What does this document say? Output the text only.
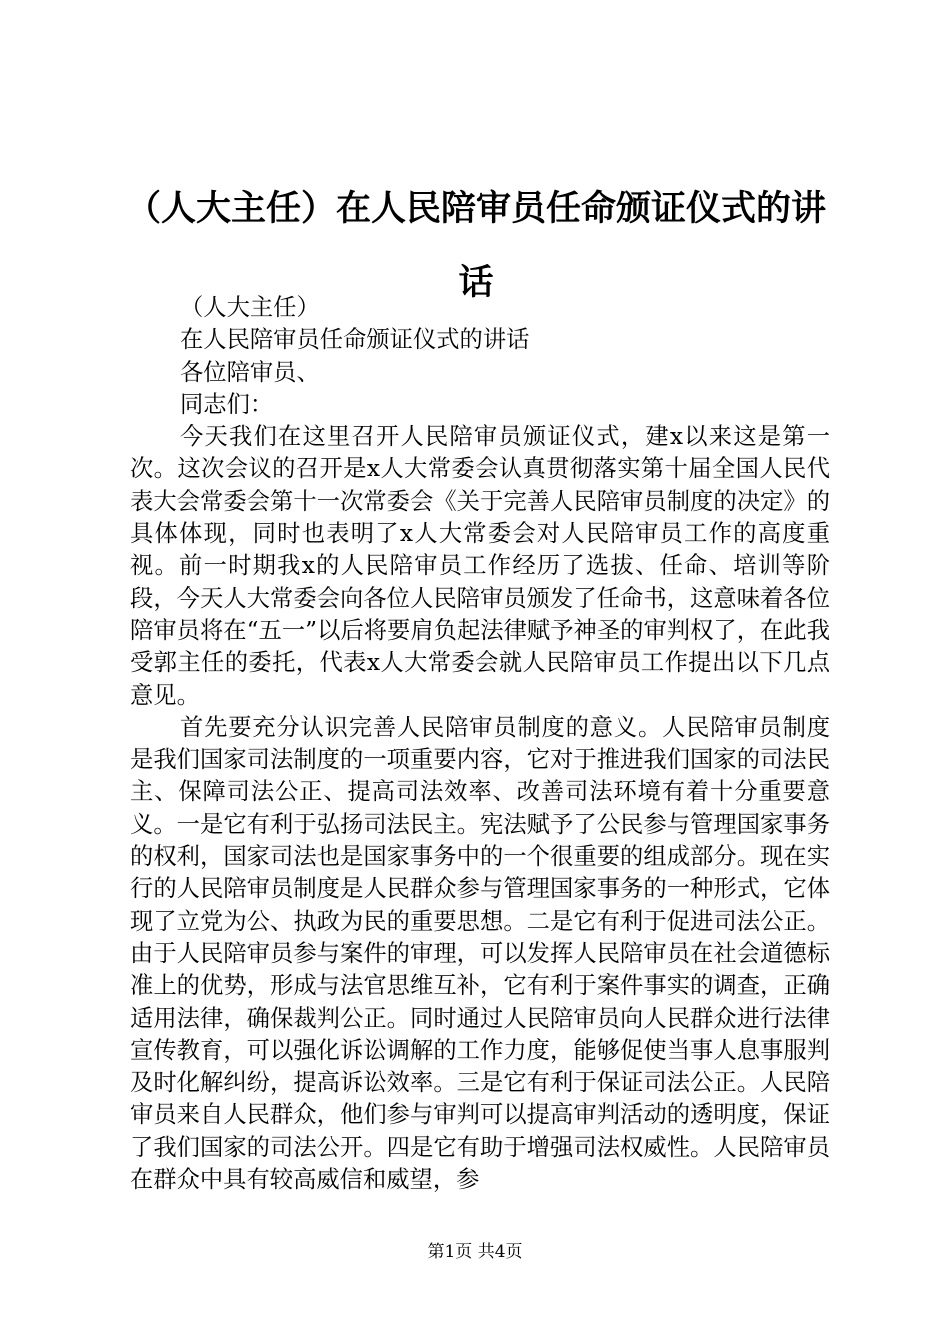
（人大主任）在人民陪审员任命颁证仪式的讲话
（人大主任）
在人民陪审员任命颁证仪式的讲话
各位陪审员、
同志们：

今天我们在这里召开人民陪审员颁证仪式，建x以来这是第一次。这次会议的召开是x人大常委会认真贯彻落实第十届全国人民代表大会常委会第十一次常委会《关于完善人民陪审员制度的决定》的具体体现，同时也表明了x人大常委会对人民陪审员工作的高度重视。前一时期我x的人民陪审员工作经历了选拔、任命、培训等阶段，今天人大常委会向各位人民陪审员颁发了任命书，这意味着各位陪审员将在“五一”以后将要肩负起法律赋予神圣的审判权了，在此我受郭主任的委托，代表x人大常委会就人民陪审员工作提出以下几点意见。

首先要充分认识完善人民陪审员制度的意义。人民陪审员制度是我们国家司法制度的一项重要内容，它对于推进我们国家的司法民主、保障司法公正、提高司法效率、改善司法环境有着十分重要意义。一是它有利于弘扬司法民主。宪法赋予了公民参与管理国家事务的权利，国家司法也是国家事务中的一个很重要的组成部分。现在实行的人民陪审员制度是人民群众参与管理国家事务的一种形式，它体现了立党为公、执政为民的重要思想。二是它有利于促进司法公正。由于人民陪审员参与案件的审理，可以发挥人民陪审员在社会道德标准上的优势，形成与法官思维互补，它有利于案件事实的调查，正确适用法律，确保裁判公正。同时通过人民陪审员向人民群众进行法律宣传教育，可以强化诉讼调解的工作力度，能够促使当事人息事服判及时化解纠纷，提高诉讼效率。三是它有利于保证司法公正。人民陪审员来自人民群众，他们参与审判可以提高审判活动的透明度，保证了我们国家的司法公开。四是它有助于增强司法权威性。人民陪审员在群众中具有较高威信和威望，参

第1页 共4页
